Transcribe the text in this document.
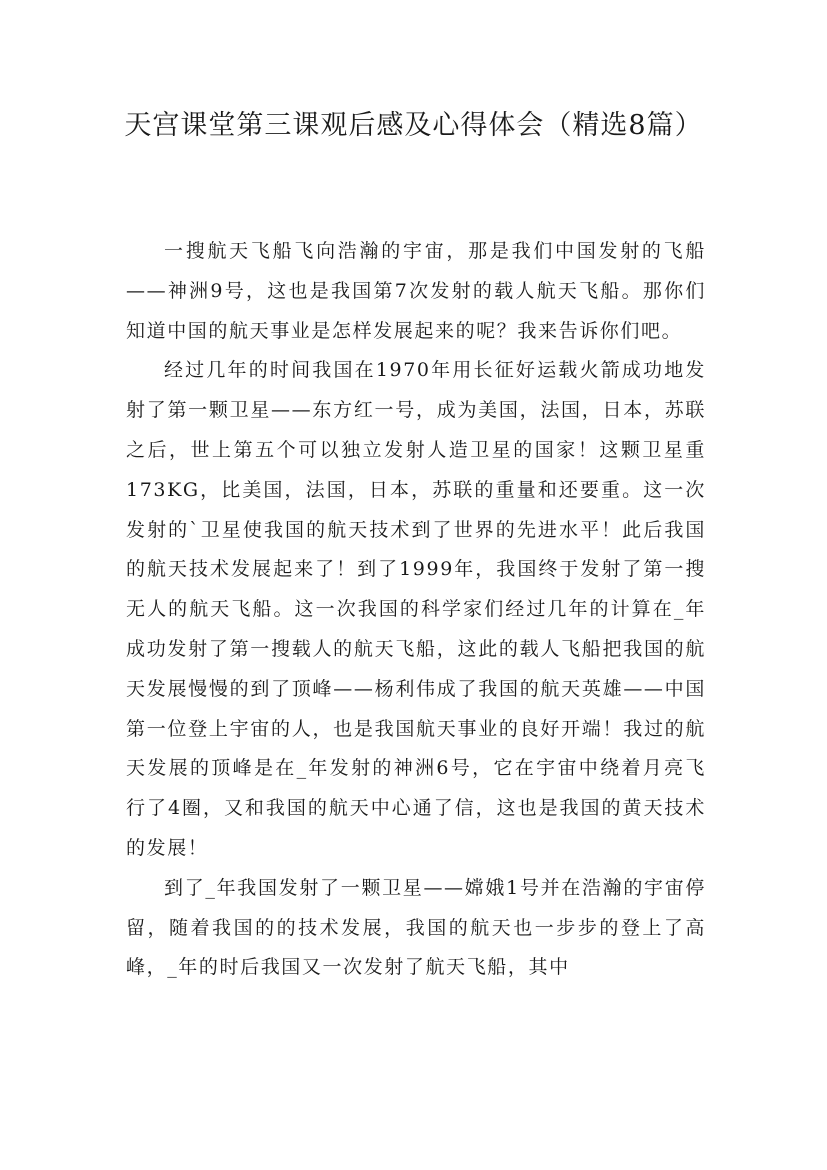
天宫课堂第三课观后感及心得体会（精选8篇）

一搜航天飞船飞向浩瀚的宇宙，那是我们中国发射的飞船——神洲9号，这也是我国第7次发射的载人航天飞船。那你们知道中国的航天事业是怎样发展起来的呢？我来告诉你们吧。

经过几年的时间我国在1970年用长征好运载火箭成功地发射了第一颗卫星——东方红一号，成为美国，法国，日本，苏联之后，世上第五个可以独立发射人造卫星的国家！这颗卫星重173KG，比美国，法国，日本，苏联的重量和还要重。这一次发射的`卫星使我国的航天技术到了世界的先进水平！此后我国的航天技术发展起来了！到了1999年，我国终于发射了第一搜无人的航天飞船。这一次我国的科学家们经过几年的计算在_年成功发射了第一搜载人的航天飞船，这此的载人飞船把我国的航天发展慢慢的到了顶峰——杨利伟成了我国的航天英雄——中国第一位登上宇宙的人，也是我国航天事业的良好开端！我过的航天发展的顶峰是在_年发射的神洲6号，它在宇宙中绕着月亮飞行了4圈，又和我国的航天中心通了信，这也是我国的黄天技术的发展！

到了_年我国发射了一颗卫星——嫦娥1号并在浩瀚的宇宙停留，随着我国的的技术发展，我国的航天也一步步的登上了高峰，_年的时后我国又一次发射了航天飞船，其中
